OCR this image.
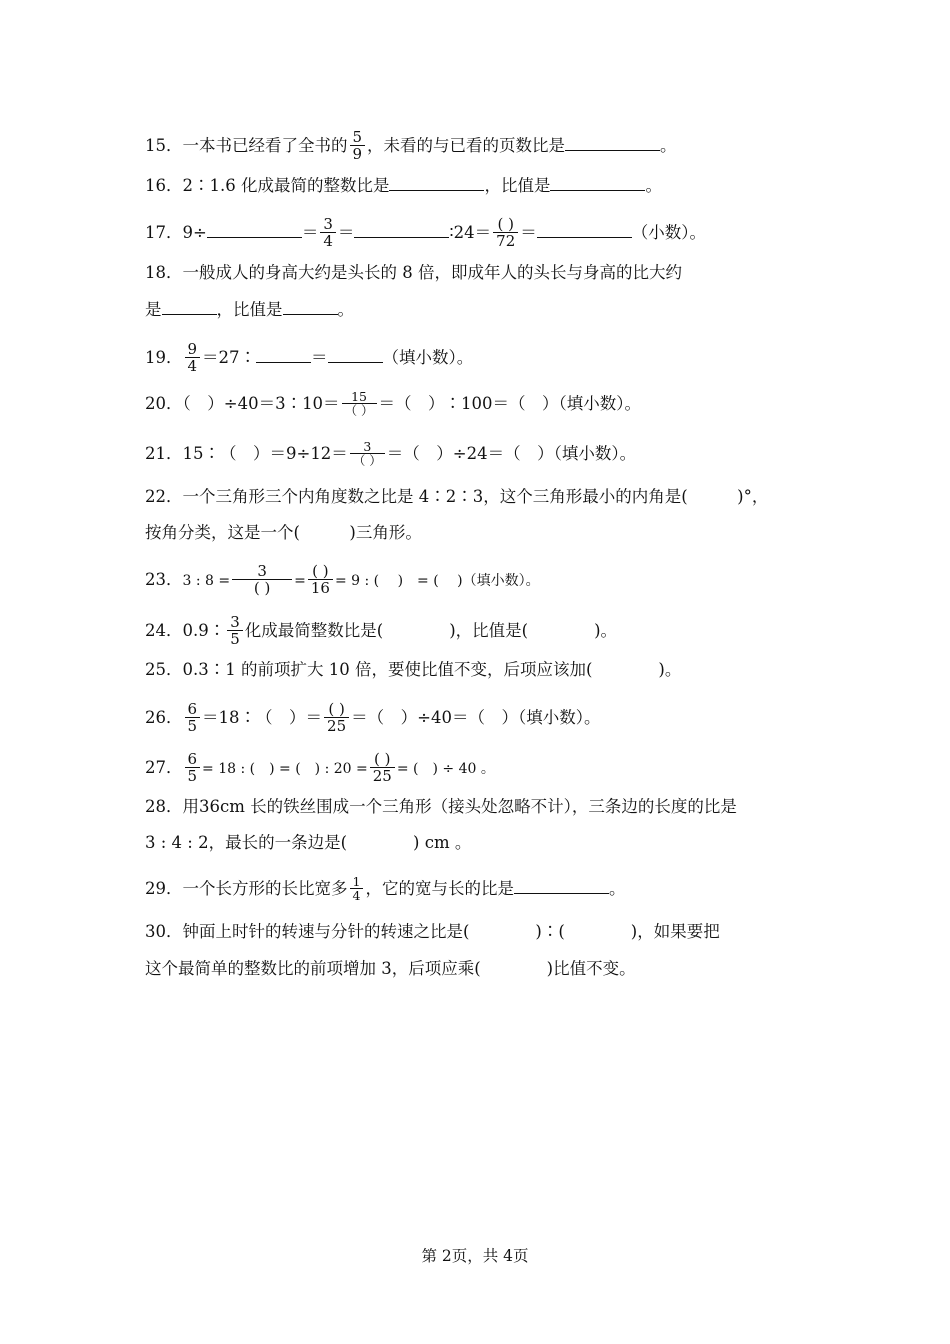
15．一本书已经看了全书的 $\frac{5}{9}$ ，未看的与已看的页数比是	。
16．2∶1.6 化成最简的整数比是	，比值是	。
17．9÷	＝ $\frac{3}{4}$ ＝	∶24＝ $\frac{( )}{72}$ ＝	（小数）。
18．一般成人的身高大约是头长的 8 倍，即成年人的头长与身高的比大约
是	，比值是	。
19． $\frac{9}{4}$ ＝27∶	＝	（填小数）。
20．（　）÷40＝3∶10＝ $\frac{15}{( )}$ ＝（　）∶100＝（　）（填小数）。
21．15∶（　）$=9\div 12= \frac{3}{( )}$ ＝（　）÷24＝（　）（填小数）。
22．一个三角形三个内角度数之比是 4∶2∶3，这个三角形最小的内角是(　　　)°，
按角分类，这是一个(　　　)三角形。
23．3 : $8 = \frac{3}{( )} = \frac{( )}{16} = 9$ : (　 )　= (　 )（填小数）。
24．0.9∶ $\frac{3}{5}$ 化成最简整数比是(　　　　)，比值是(　　　　)。
25．0.3∶1 的前项扩大 10 倍，要使比值不变，后项应该加(　　　　)。
26． $\frac{6}{5}$ ＝18∶（　）＝ $\frac{( )}{25}$ ＝（　）÷40＝（　）（填小数）。
27． $\frac{6}{5} = 18$ : (　) = (　) : $20 = \frac{( )}{25}$ = (　) ÷ 40 。
28．用36cm 长的铁丝围成一个三角形（接头处忽略不计），三条边的长度的比是
3 : 4 : 2，最长的一条边是(　　　　) cm 。
29．一个长方形的长比宽多 $\frac{1}{4}$ ，它的宽与长的比是	。
30．钟面上时针的转速与分针的转速之比是(　　　　)∶(　　　　)，如果要把
这个最简单的整数比的前项增加 3，后项应乘(　　　　)比值不变。
第 2页，共 4页
